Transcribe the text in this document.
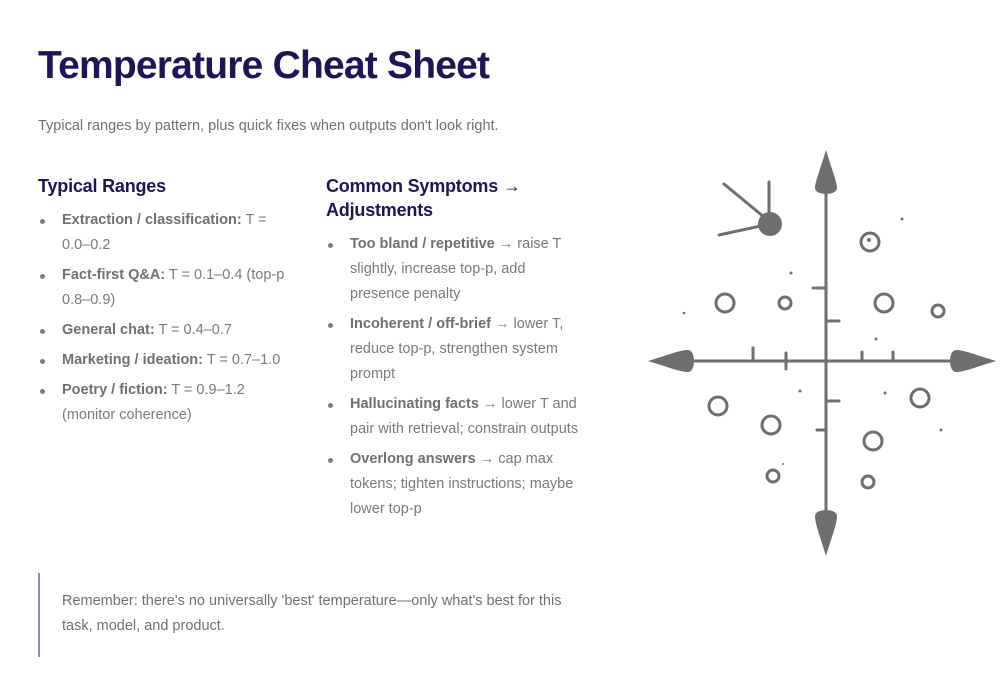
Temperature Cheat Sheet

Typical ranges by pattern, plus quick fixes when outputs don't look right.

Typical Ranges
Extraction / classification: T = 0.0–0.2
Fact-first Q&A: T = 0.1–0.4 (top-p 0.8–0.9)
General chat: T = 0.4–0.7
Marketing / ideation: T = 0.7–1.0
Poetry / fiction: T = 0.9–1.2 (monitor coherence)
Common Symptoms → Adjustments
Too bland / repetitive → raise T slightly, increase top-p, add presence penalty
Incoherent / off-brief → lower T, reduce top-p, strengthen system prompt
Hallucinating facts → lower T and pair with retrieval; constrain outputs
Overlong answers → cap max tokens; tighten instructions; maybe lower top-p

Remember: there's no universally 'best' temperature—only what's best for this task, model, and product.
